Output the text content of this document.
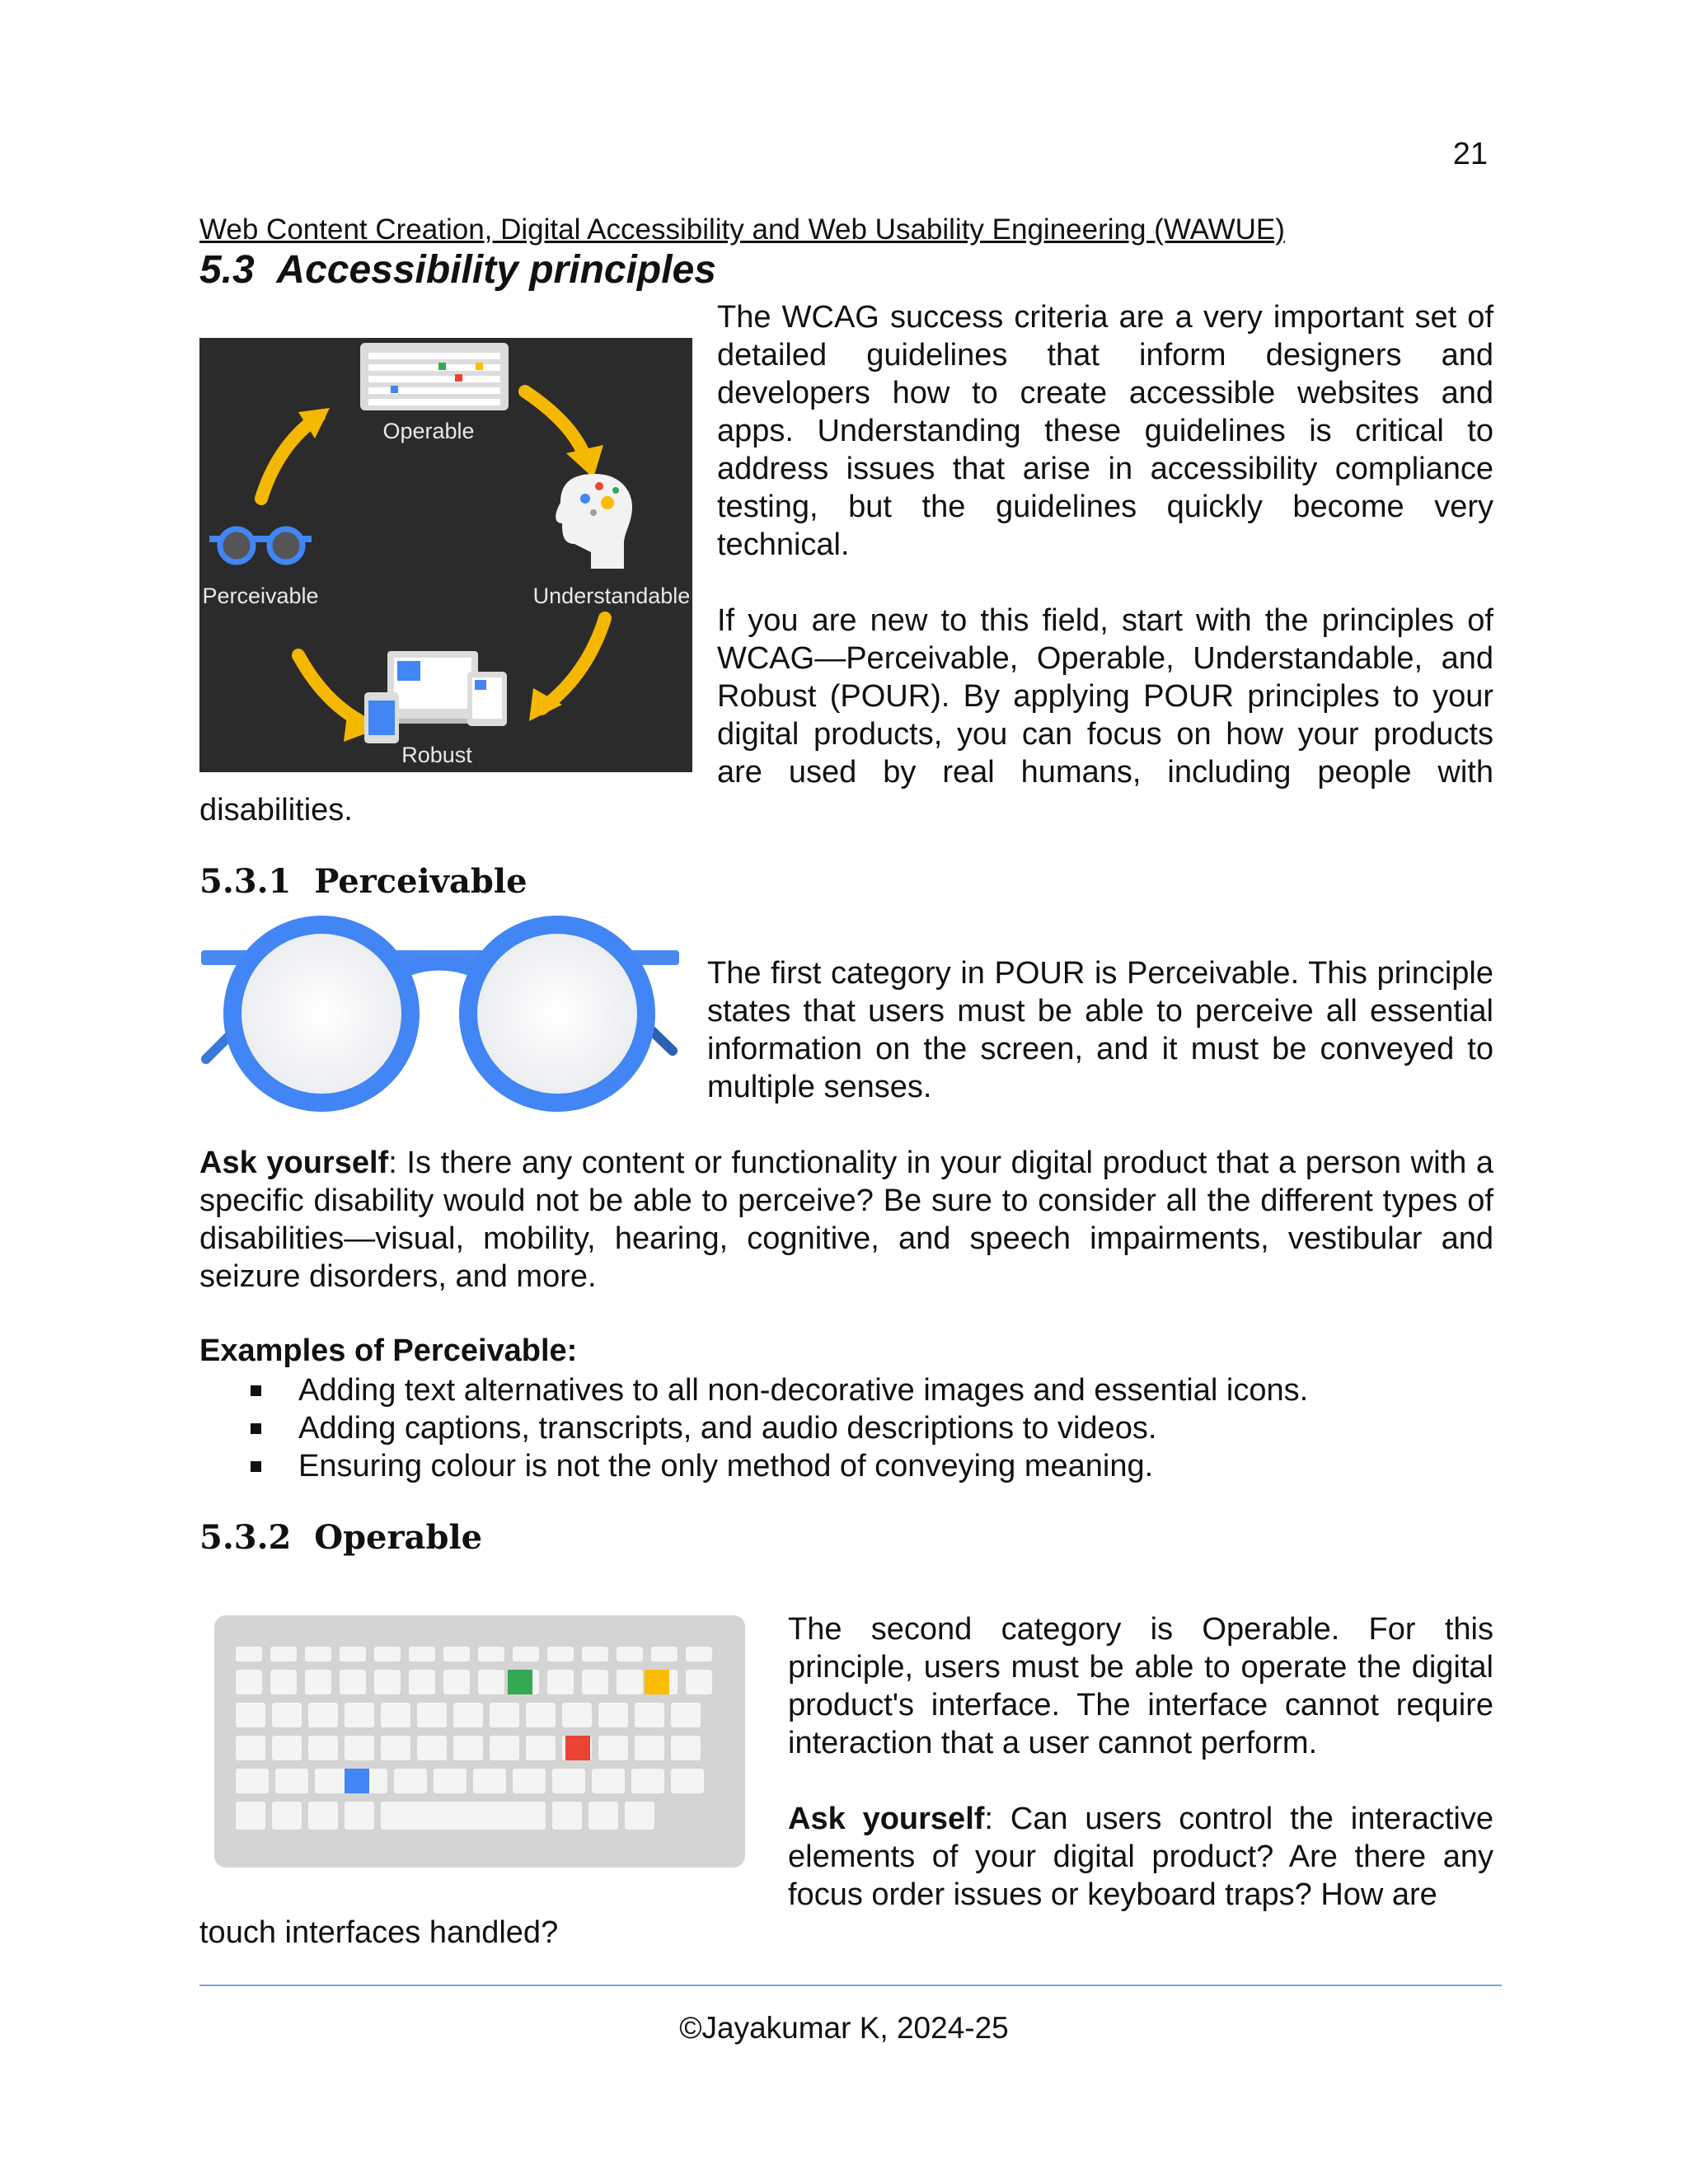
21
Web Content Creation, Digital Accessibility and Web Usability Engineering (WAWUE)
5.3 Accessibility principles
Operable
Understandable
Robust
Perceivable

The WCAG success criteria are a very important set of detailed guidelines that inform designers and developers how to create accessible websites and apps. Understanding these guidelines is critical to address issues that arise in accessibility compliance testing, but the guidelines quickly become very technical.

If you are new to this field, start with the principles of WCAG—Perceivable, Operable, Understandable, and Robust (POUR). By applying POUR principles to your digital products, you can focus on how your products are used by real humans, including people with disabilities.

5.3.1 Perceivable

The first category in POUR is Perceivable. This principle states that users must be able to perceive all essential information on the screen, and it must be conveyed to multiple senses.

Ask yourself: Is there any content or functionality in your digital product that a person with a specific disability would not be able to perceive? Be sure to consider all the different types of disabilities—visual, mobility, hearing, cognitive, and speech impairments, vestibular and seizure disorders, and more.

Examples of Perceivable:
Adding text alternatives to all non-decorative images and essential icons.
Adding captions, transcripts, and audio descriptions to videos.
Ensuring colour is not the only method of conveying meaning.
5.3.2 Operable

The second category is Operable. For this principle, users must be able to operate the digital product's interface. The interface cannot require interaction that a user cannot perform.

Ask yourself: Can users control the interactive elements of your digital product? Are there any focus order issues or keyboard traps? How are

touch interfaces handled?
©Jayakumar K, 2024-25
